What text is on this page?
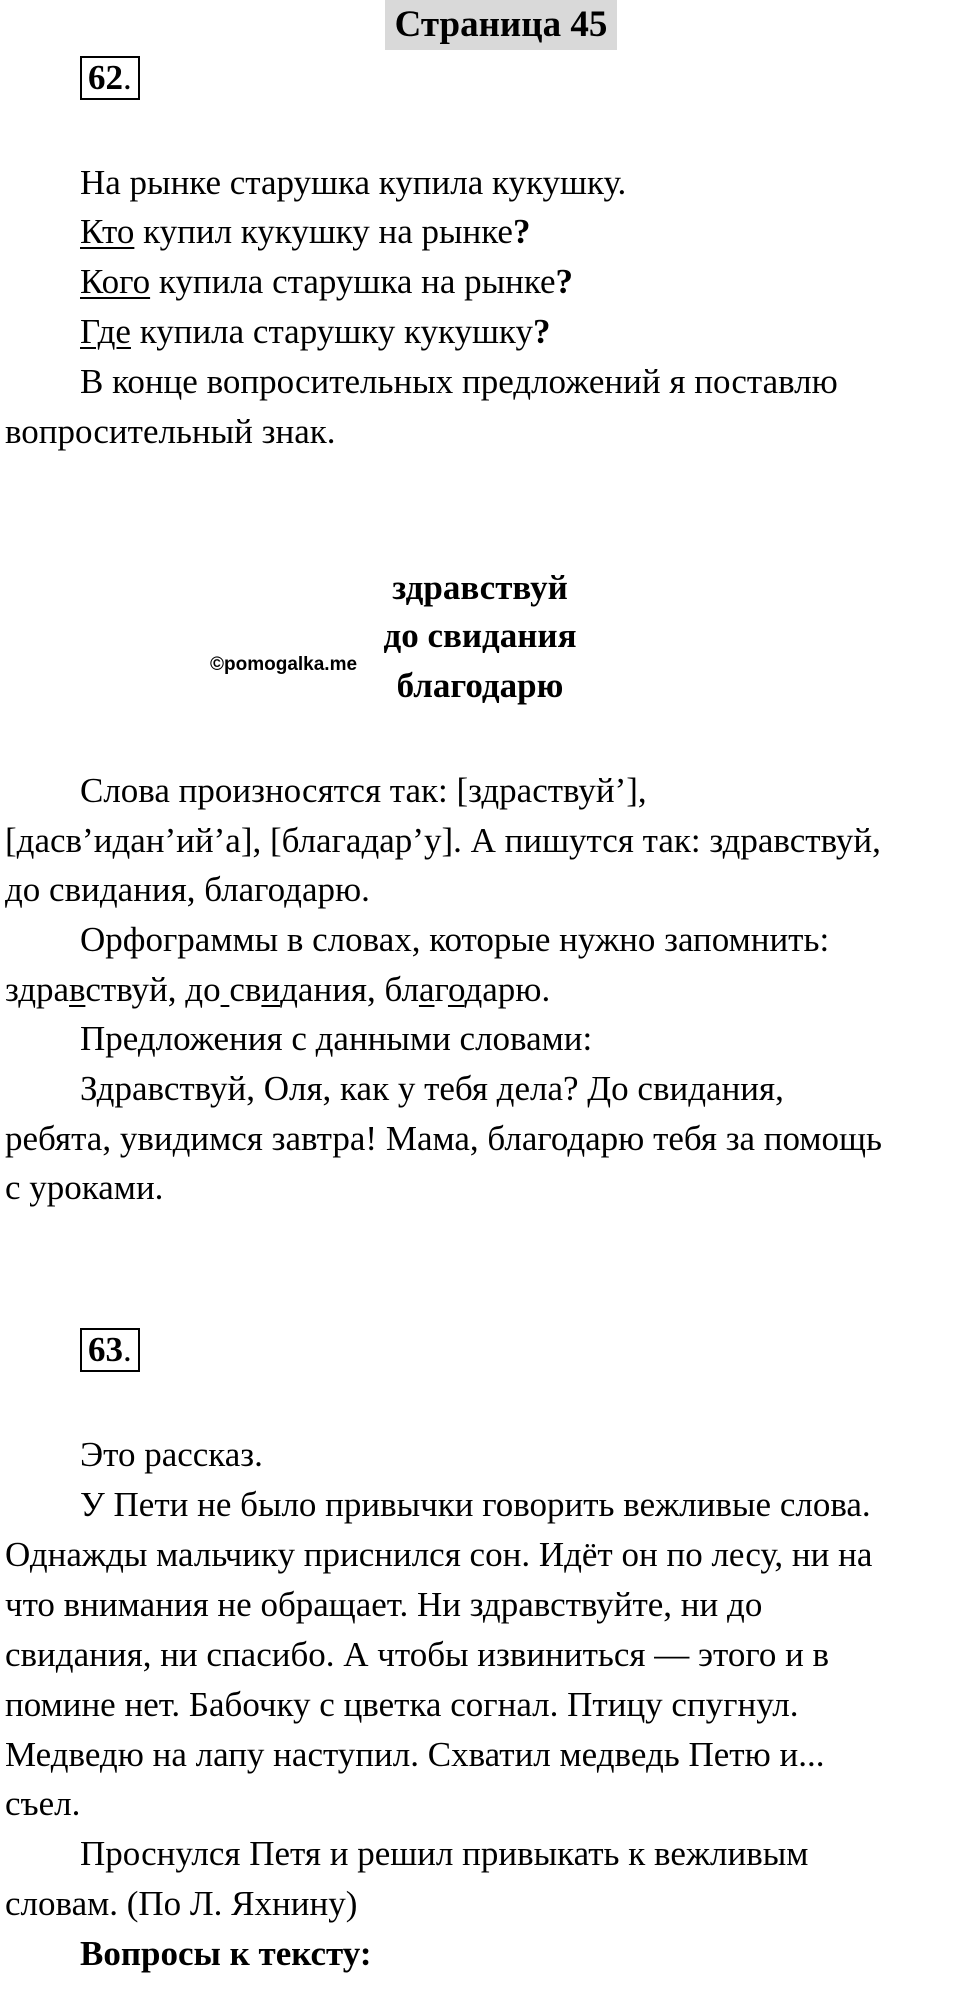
Страница 45
62.
На рынке старушка купила кукушку.
Кто купил кукушку на рынке?
Кого купила старушка на рынке?
Где купила старушку кукушку?
В конце вопросительных предложений я поставлю
вопросительный знак.
здравствуй
до свидания
благодарю
©pomogalka.me
Слова произносятся так: [здраствуй’],
[дасв’идан’ий’а], [благадар’у]. А пишутся так: здравствуй,
до свидания, благодарю.
Орфограммы в словах, которые нужно запомнить:
здравствуй, до свидания, благодарю.
Предложения с данными словами:
Здравствуй, Оля, как у тебя дела? До свидания,
ребята, увидимся завтра! Мама, благодарю тебя за помощь
с уроками.
63.
Это рассказ.
У Пети не было привычки говорить вежливые слова.
Однажды мальчику приснился сон. Идёт он по лесу, ни на
что внимания не обращает. Ни здравствуйте, ни до
свидания, ни спасибо. А чтобы извиниться — этого и в
помине нет. Бабочку с цветка согнал. Птицу спугнул.
Медведю на лапу наступил. Схватил медведь Петю и...
съел.
Проснулся Петя и решил привыкать к вежливым
словам. (По Л. Яхнину)
Вопросы к тексту:
